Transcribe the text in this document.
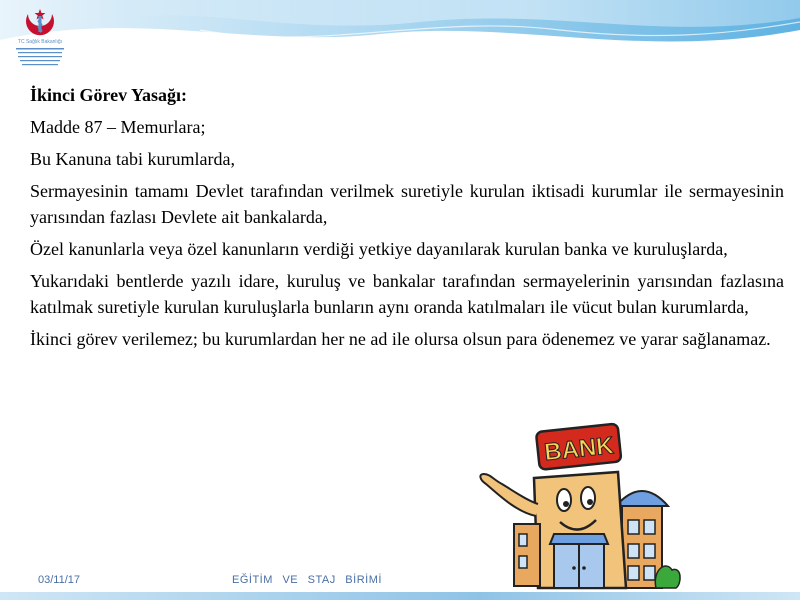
TC Sağlık Bakanlığı

İkinci Görev Yasağı:

Madde 87 – Memurlara;

Bu Kanuna tabi kurumlarda,

Sermayesinin tamamı Devlet tarafından verilmek suretiyle kurulan iktisadi kurumlar ile sermayesinin yarısından fazlası Devlete ait bankalarda,

Özel kanunlarla veya özel kanunların verdiği yetkiye dayanılarak kurulan banka ve kuruluşlarda,

Yukarıdaki bentlerde yazılı idare, kuruluş ve bankalar tarafından sermayelerinin yarısından fazlasına katılmak suretiyle kurulan kuruluşlarla bunların aynı oranda katılmaları ile vücut bulan kurumlarda,

İkinci görev verilemez; bu kurumlardan her ne ad ile olursa olsun para ödenemez ve yarar sağlanamaz.

BANK
03/11/17	EĞİTİM VE STAJ BİRİMİ
